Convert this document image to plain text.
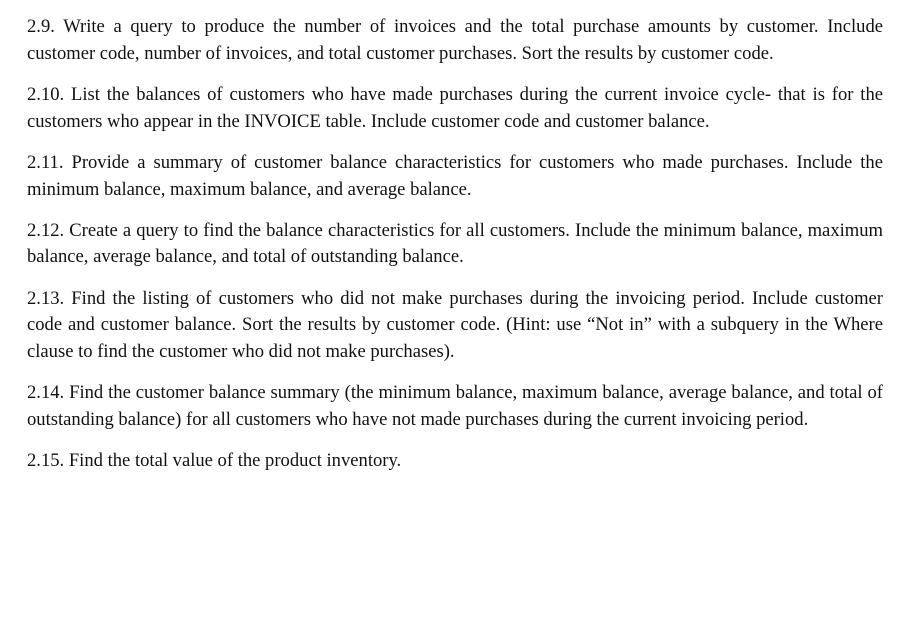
2.9. Write a query to produce the number of invoices and the total purchase amounts by customer. Include customer code, number of invoices, and total customer purchases. Sort the results by customer code.

2.10. List the balances of customers who have made purchases during the current invoice cycle- that is for the customers who appear in the INVOICE table. Include customer code and customer balance.

2.11. Provide a summary of customer balance characteristics for customers who made purchases. Include the minimum balance, maximum balance, and average balance.

2.12. Create a query to find the balance characteristics for all customers. Include the minimum balance, maximum balance, average balance, and total of outstanding balance.

2.13. Find the listing of customers who did not make purchases during the invoicing period. Include customer code and customer balance. Sort the results by customer code. (Hint: use “Not in” with a subquery in the Where clause to find the customer who did not make purchases).

2.14. Find the customer balance summary (the minimum balance, maximum balance, average balance, and total of outstanding balance) for all customers who have not made purchases during the current invoicing period.

2.15. Find the total value of the product inventory.
